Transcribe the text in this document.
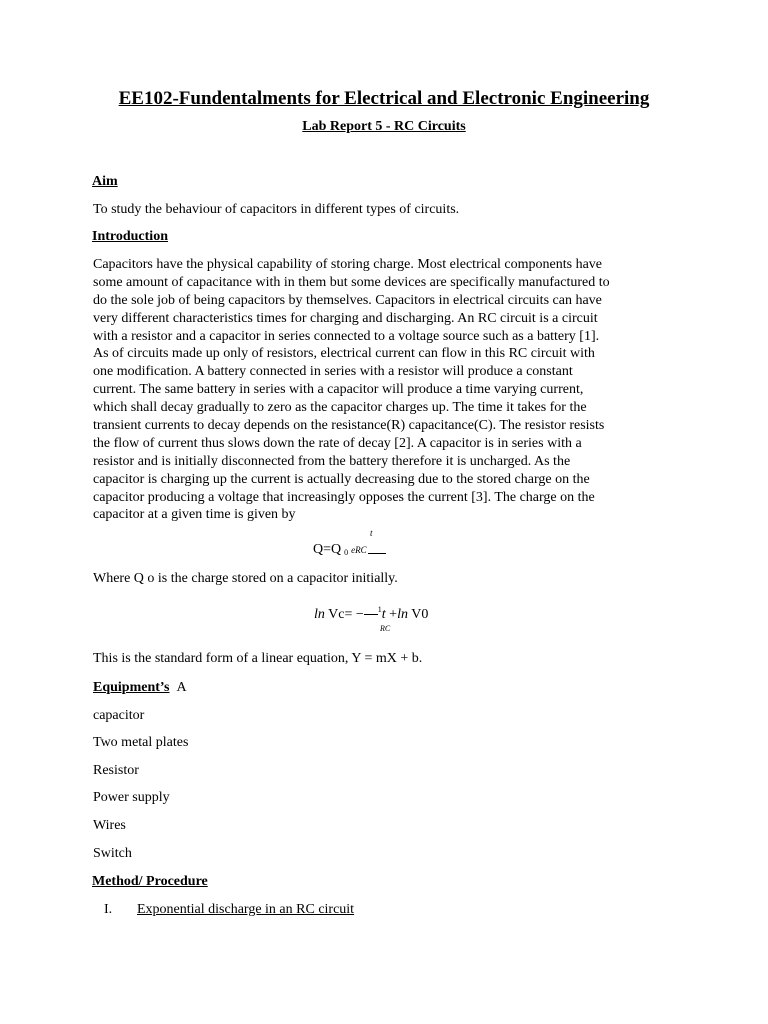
EE102-Fundentalments for Electrical and Electronic Engineering
Lab Report 5 - RC Circuits
Aim
To study the behaviour of capacitors in different types of circuits.
Introduction
Capacitors have the physical capability of storing charge. Most electrical components have
some amount of capacitance with in them but some devices are specifically manufactured to
do the sole job of being capacitors by themselves. Capacitors in electrical circuits can have
very different characteristics times for charging and discharging. An RC circuit is a circuit
with a resistor and a capacitor in series connected to a voltage source such as a battery [1].
As of circuits made up only of resistors, electrical current can flow in this RC circuit with
one modification. A battery connected in series with a resistor will produce a constant
current. The same battery in series with a capacitor will produce a time varying current,
which shall decay gradually to zero as the capacitor charges up. The time it takes for the
transient currents to decay depends on the resistance(R) capacitance(C). The resistor resists
the flow of current thus slows down the rate of decay [2]. A capacitor is in series with a
resistor and is initially disconnected from the battery therefore it is uncharged. As the
capacitor is charging up the current is actually decreasing due to the stored charge on the
capacitor producing a voltage that increasingly opposes the current [3]. The charge on the
capacitor at a given time is given by
t
Q=Q $_0$ eRC
Where Q o is the charge stored on a capacitor initially.
ln Vc= − $^1$t +ln V0
RC
This is the standard form of a linear equation, Y = mX + b.
Equipment’s A
capacitor
Two metal plates
Resistor
Power supply
Wires
Switch
Method/ Procedure
I. Exponential discharge in an RC circuit
